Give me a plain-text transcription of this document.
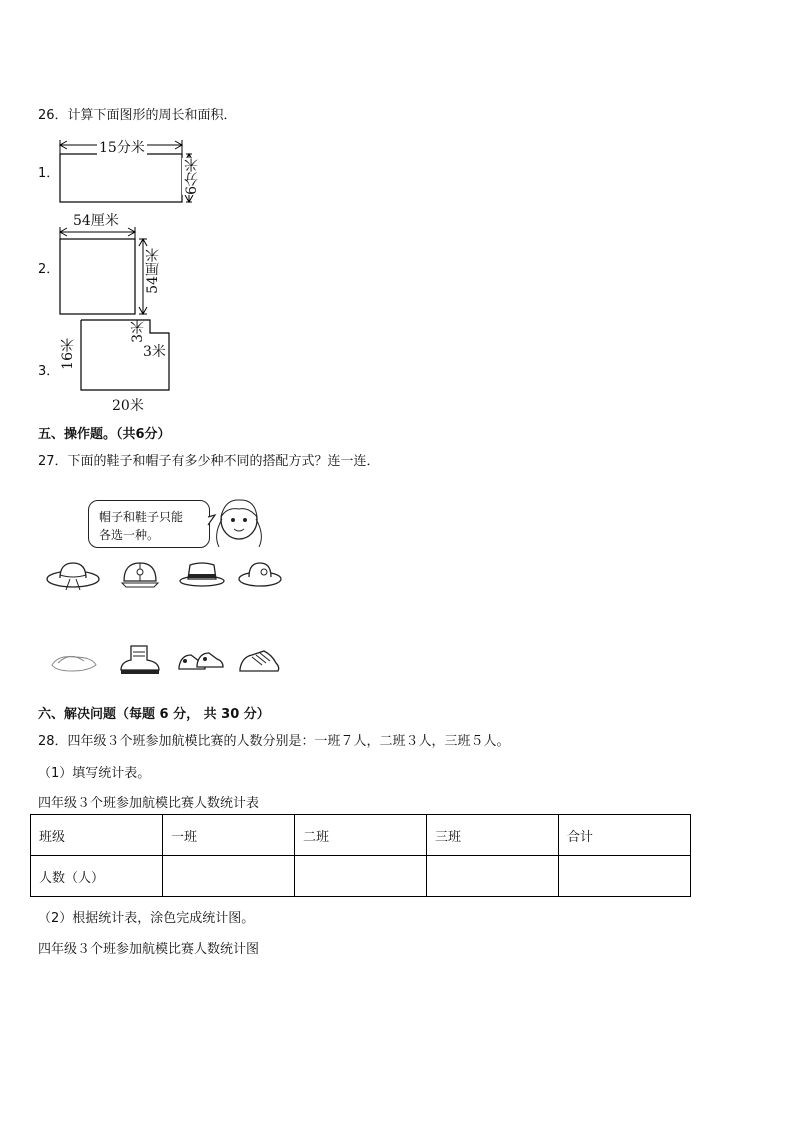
26．计算下面图形的周长和面积．
1．
15分米
6分米
2．
54厘米
54厘米
3．
16米
3米
3米
20米
五、操作题。（共6分）
27．下面的鞋子和帽子有多少种不同的搭配方式？连一连．
帽子和鞋子只能
各选一种。
六、解决问题（每题 6 分， 共 30 分）
28．四年级３个班参加航模比赛的人数分别是：一班７人，二班３人，三班５人。
（1）填写统计表。
四年级３个班参加航模比赛人数统计表
班级	一班	二班	三班	合计
人数（人）				
（2）根据统计表，涂色完成统计图。
四年级３个班参加航模比赛人数统计图
